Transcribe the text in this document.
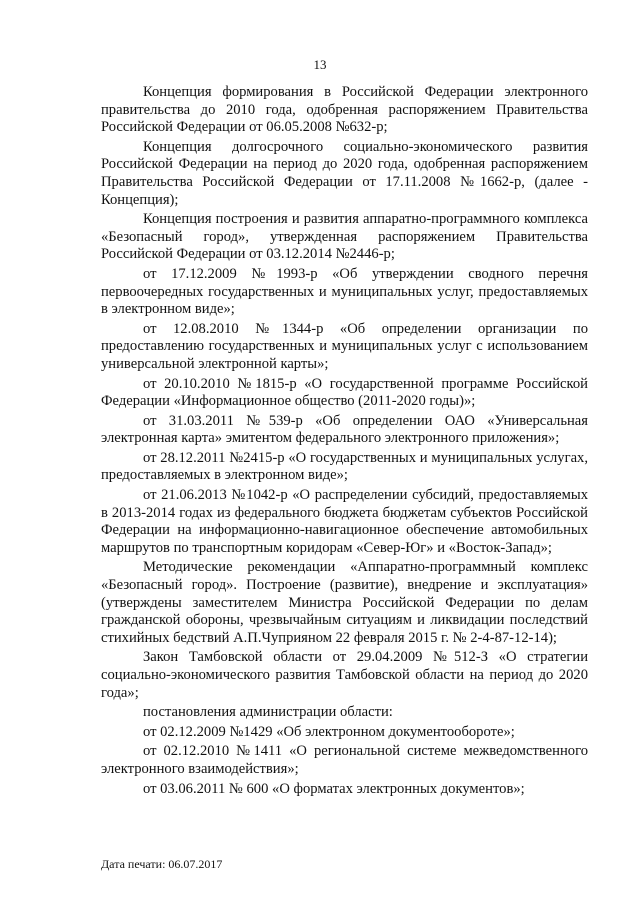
13

Концепция формирования в Российской Федерации электронного правительства до 2010 года, одобренная распоряжением Правительства Российской Федерации от 06.05.2008 №632-р;

Концепция долгосрочного социально-экономического развития Российской Федерации на период до 2020 года, одобренная распоряжением Правительства Российской Федерации от 17.11.2008 №1662-р, (далее - Концепция);

Концепция построения и развития аппаратно-программного комплекса «Безопасный город», утвержденная распоряжением Правительства Российской Федерации от 03.12.2014 №2446-р;

от 17.12.2009 №1993-р «Об утверждении сводного перечня первоочередных государственных и муниципальных услуг, предоставляемых в электронном виде»;

от 12.08.2010 №1344-р «Об определении организации по предоставлению государственных и муниципальных услуг с использованием универсальной электронной карты»;

от 20.10.2010 №1815-р «О государственной программе Российской Федерации «Информационное общество (2011-2020 годы)»;

от 31.03.2011 №539-р «Об определении ОАО «Универсальная электронная карта» эмитентом федерального электронного приложения»;

от 28.12.2011 №2415-р «О государственных и муниципальных услугах, предоставляемых в электронном виде»;

от 21.06.2013 №1042-р «О распределении субсидий, предоставляемых в 2013-2014 годах из федерального бюджета бюджетам субъектов Российской Федерации на информационно-навигационное обеспечение автомобильных маршрутов по транспортным коридорам «Север-Юг» и «Восток-Запад»;

Методические рекомендации «Аппаратно-программный комплекс «Безопасный город». Построение (развитие), внедрение и эксплуатация» (утверждены заместителем Министра Российской Федерации по делам гражданской обороны, чрезвычайным ситуациям и ликвидации последствий стихийных бедствий А.П.Чуприяном 22 февраля 2015 г. № 2-4-87-12-14);

Закон Тамбовской области от 29.04.2009 №512-З «О стратегии социально-экономического развития Тамбовской области на период до 2020 года»;

постановления администрации области:

от 02.12.2009 №1429 «Об электронном документообороте»;

от 02.12.2010 №1411 «О региональной системе межведомственного электронного взаимодействия»;

от 03.06.2011 № 600 «О форматах электронных документов»;

Дата печати: 06.07.2017
